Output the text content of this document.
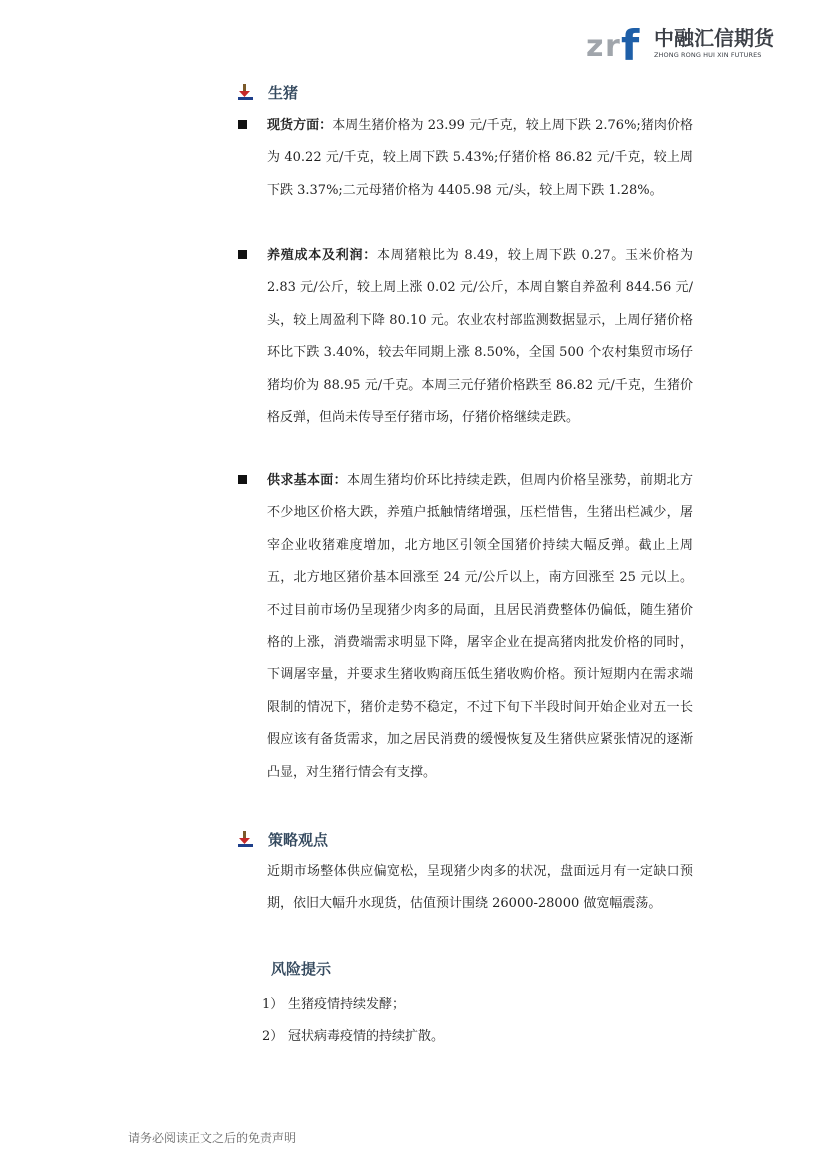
z r f 中融汇信期货
ZHONG RONG HUI XIN FUTURES
生猪
现货方面：本周生猪价格为 23.99 元/千克，较上周下跌 2.76%;猪肉价格为 40.22 元/千克，较上周下跌 5.43%;仔猪价格 86.82 元/千克，较上周下跌 3.37%;二元母猪价格为 4405.98 元/头，较上周下跌 1.28%。
养殖成本及利润：本周猪粮比为 8.49，较上周下跌 0.27。玉米价格为 2.83 元/公斤，较上周上涨 0.02 元/公斤，本周自繁自养盈利 844.56 元/头，较上周盈利下降 80.10 元。农业农村部监测数据显示，上周仔猪价格环比下跌 3.40%，较去年同期上涨 8.50%，全国 500 个农村集贸市场仔猪均价为 88.95 元/千克。本周三元仔猪价格跌至 86.82 元/千克，生猪价格反弹，但尚未传导至仔猪市场，仔猪价格继续走跌。
供求基本面：本周生猪均价环比持续走跌，但周内价格呈涨势，前期北方不少地区价格大跌，养殖户抵触情绪增强，压栏惜售，生猪出栏减少，屠宰企业收猪难度增加，北方地区引领全国猪价持续大幅反弹。截止上周五，北方地区猪价基本回涨至 24 元/公斤以上，南方回涨至 25 元以上。不过目前市场仍呈现猪少肉多的局面，且居民消费整体仍偏低，随生猪价格的上涨，消费端需求明显下降，屠宰企业在提高猪肉批发价格的同时，下调屠宰量，并要求生猪收购商压低生猪收购价格。预计短期内在需求端限制的情况下，猪价走势不稳定，不过下旬下半段时间开始企业对五一长假应该有备货需求，加之居民消费的缓慢恢复及生猪供应紧张情况的逐渐凸显，对生猪行情会有支撑。
策略观点
近期市场整体供应偏宽松，呈现猪少肉多的状况，盘面远月有一定缺口预期，依旧大幅升水现货，估值预计围绕 26000-28000 做宽幅震荡。
风险提示
1） 生猪疫情持续发酵；
2） 冠状病毒疫情的持续扩散。
请务必阅读正文之后的免责声明
